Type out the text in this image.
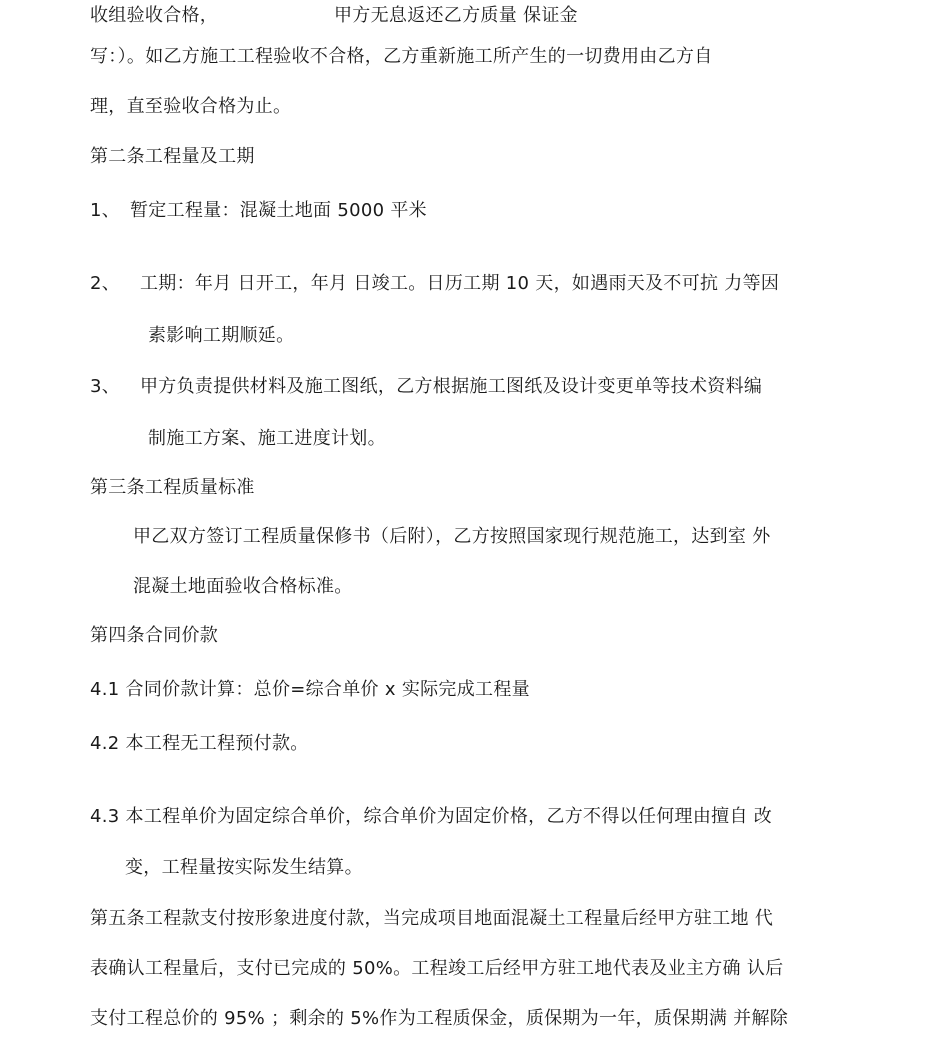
收组验收合格，	甲方无息返还乙方质量 保证金
写：）。如乙方施工工程验收不合格，乙方重新施工所产生的一切费用由乙方自
理，直至验收合格为止。
第二条工程量及工期
1、 暂定工程量：混凝土地面 5000 平米
2、 工期：年月 日开工，年月 日竣工。日历工期 10 天，如遇雨天及不可抗 力等因
素影响工期顺延。
3、 甲方负责提供材料及施工图纸，乙方根据施工图纸及设计变更单等技术资料编
制施工方案、施工进度计划。
第三条工程质量标准
甲乙双方签订工程质量保修书（后附），乙方按照国家现行规范施工，达到室 外
混凝土地面验收合格标准。
第四条合同价款
4.1 合同价款计算：总价=综合单价 x 实际完成工程量
4.2 本工程无工程预付款。
4.3 本工程单价为固定综合单价，综合单价为固定价格，乙方不得以任何理由擅自 改
变，工程量按实际发生结算。
第五条工程款支付按形象进度付款，当完成项目地面混凝土工程量后经甲方驻工地 代
表确认工程量后，支付已完成的 50%。工程竣工后经甲方驻工地代表及业主方确 认后
支付工程总价的 95% ；剩余的 5%作为工程质保金，质保期为一年，质保期满 并解除
